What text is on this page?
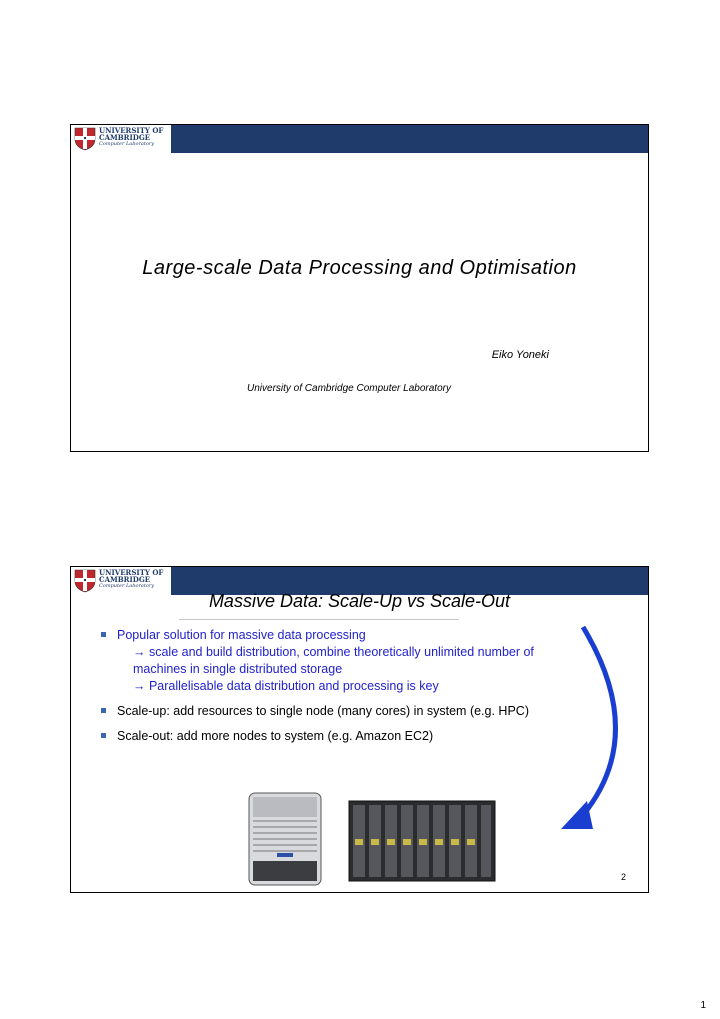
UNIVERSITY OF
CAMBRIDGE
Computer Laboratory
Large-scale Data Processing and Optimisation
Eiko Yoneki
University of Cambridge Computer Laboratory
UNIVERSITY OF
CAMBRIDGE
Computer Laboratory
Massive Data: Scale-Up vs Scale-Out
Popular solution for massive data processing
→ scale and build distribution, combine theoretically unlimited number of machines in single distributed storage
→ Parallelisable data distribution and processing is key
Scale-up: add resources to single node (many cores) in system (e.g. HPC)
Scale-out: add more nodes to system (e.g. Amazon EC2)
2
1
